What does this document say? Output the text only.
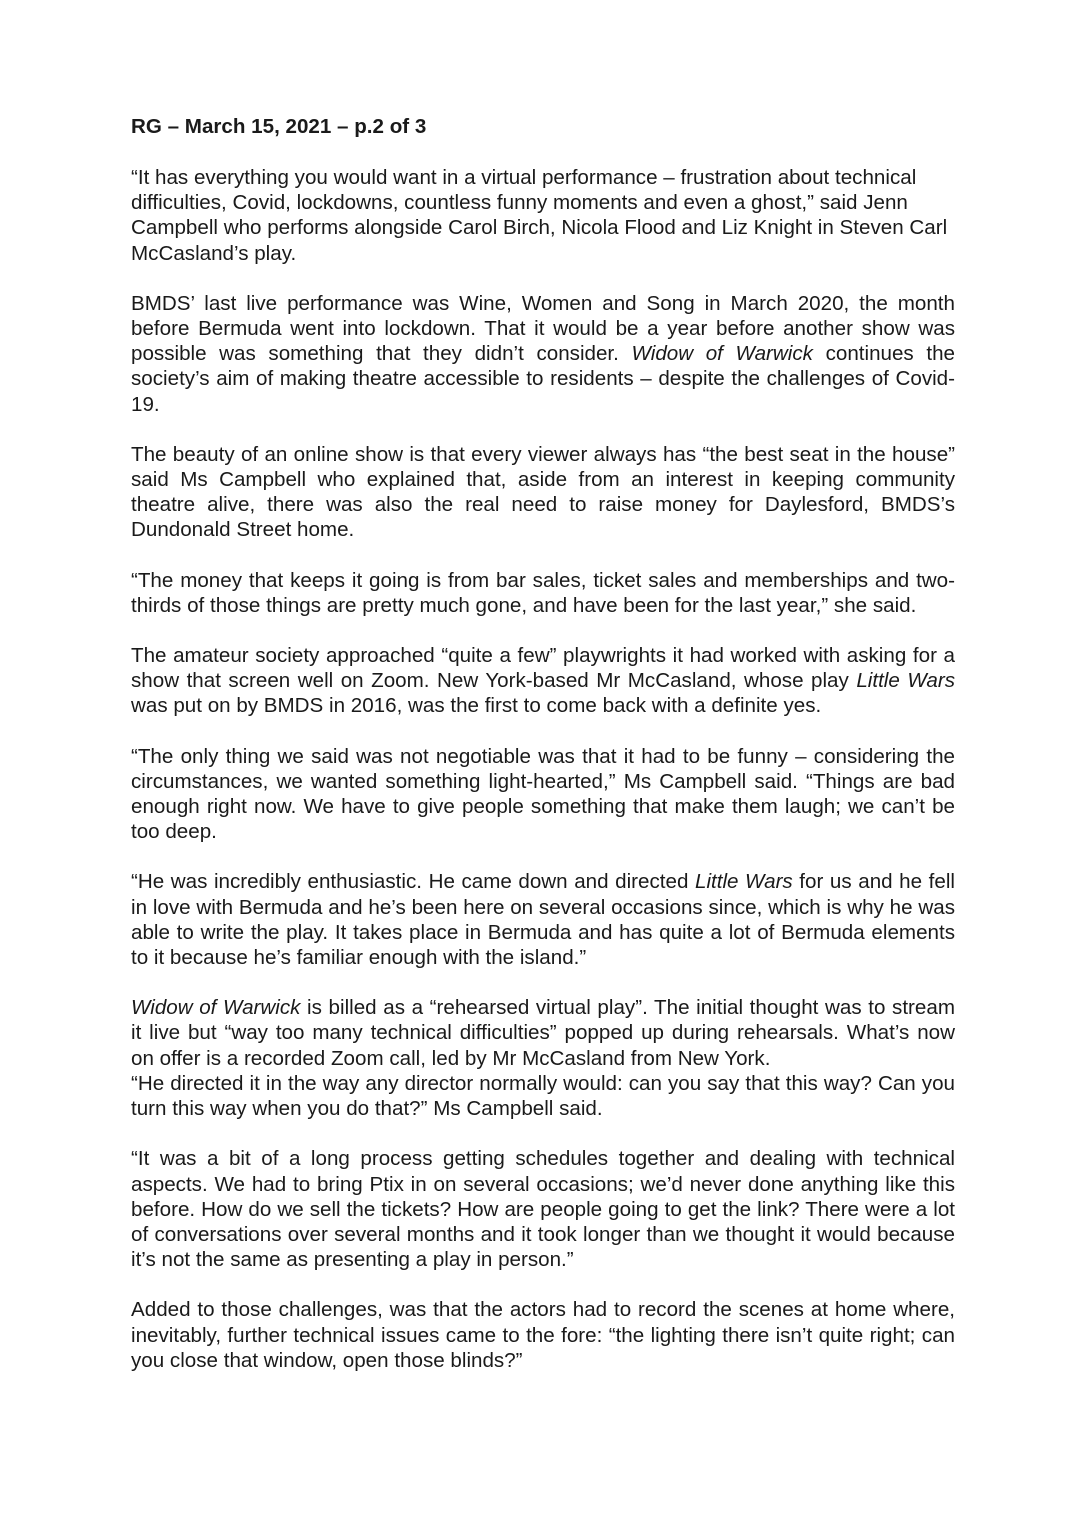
RG – March 15, 2021 – p.2 of 3

“It has everything you would want in a virtual performance – frustration about technical difficulties, Covid, lockdowns, countless funny moments and even a ghost,” said Jenn Campbell who performs alongside Carol Birch, Nicola Flood and Liz Knight in Steven Carl McCasland’s play.

BMDS’ last live performance was Wine, Women and Song in March 2020, the month before Bermuda went into lockdown. That it would be a year before another show was possible was something that they didn’t consider. Widow of Warwick continues the society’s aim of making theatre accessible to residents – despite the challenges of Covid-19.

The beauty of an online show is that every viewer always has “the best seat in the house” said Ms Campbell who explained that, aside from an interest in keeping community theatre alive, there was also the real need to raise money for Daylesford, BMDS’s Dundonald Street home.

“The money that keeps it going is from bar sales, ticket sales and memberships and two-thirds of those things are pretty much gone, and have been for the last year,” she said.

The amateur society approached “quite a few” playwrights it had worked with asking for a show that screen well on Zoom. New York-based Mr McCasland, whose play Little Wars was put on by BMDS in 2016, was the first to come back with a definite yes.

“The only thing we said was not negotiable was that it had to be funny – considering the circumstances, we wanted something light-hearted,” Ms Campbell said. “Things are bad enough right now. We have to give people something that make them laugh; we can’t be too deep.

“He was incredibly enthusiastic. He came down and directed Little Wars for us and he fell in love with Bermuda and he’s been here on several occasions since, which is why he was able to write the play. It takes place in Bermuda and has quite a lot of Bermuda elements to it because he’s familiar enough with the island.”

Widow of Warwick is billed as a “rehearsed virtual play”. The initial thought was to stream it live but “way too many technical difficulties” popped up during rehearsals. What’s now on offer is a recorded Zoom call, led by Mr McCasland from New York.
“He directed it in the way any director normally would: can you say that this way? Can you turn this way when you do that?” Ms Campbell said.

“It was a bit of a long process getting schedules together and dealing with technical aspects. We had to bring Ptix in on several occasions; we’d never done anything like this before. How do we sell the tickets? How are people going to get the link? There were a lot of conversations over several months and it took longer than we thought it would because it’s not the same as presenting a play in person.”

Added to those challenges, was that the actors had to record the scenes at home where, inevitably, further technical issues came to the fore: “the lighting there isn’t quite right; can you close that window, open those blinds?”
